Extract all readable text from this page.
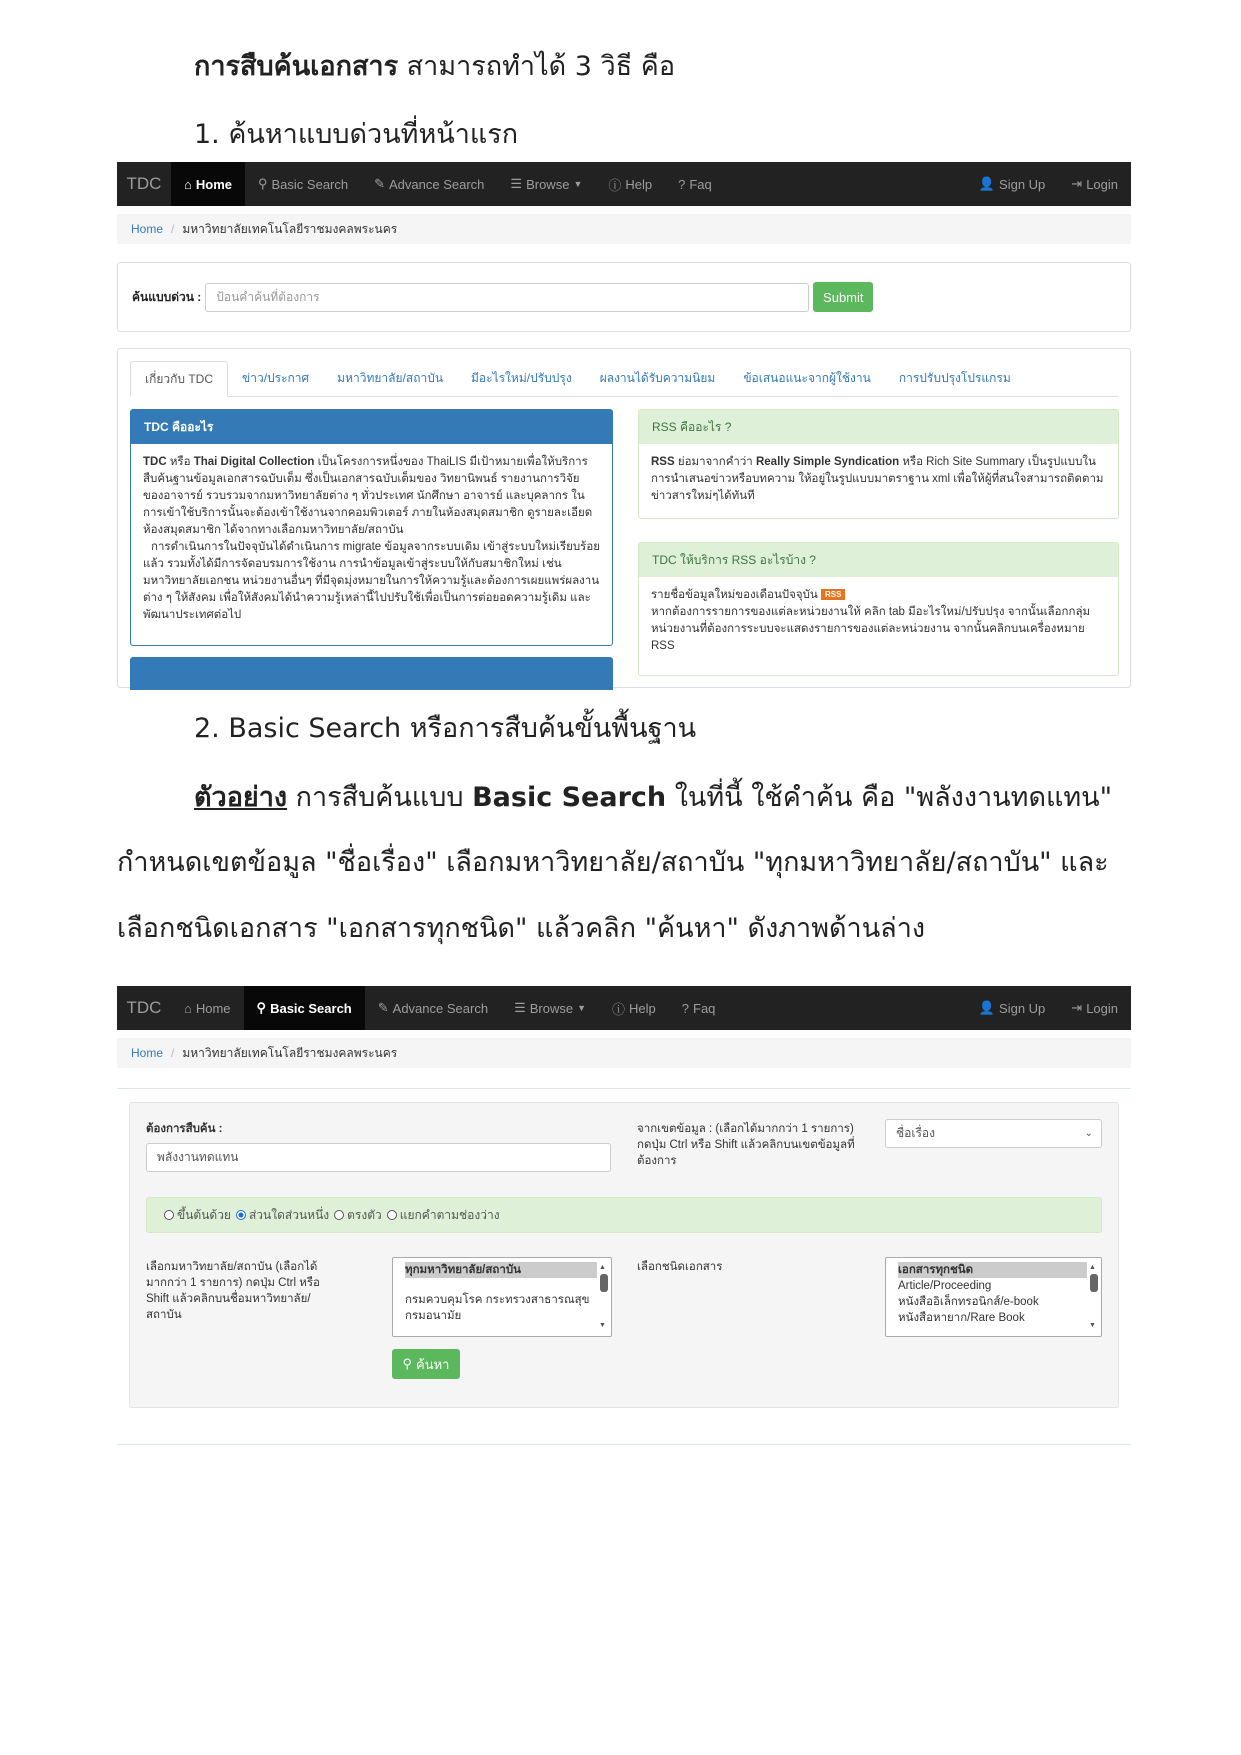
การสืบค้นเอกสาร สามารถทำได้ 3 วิธี คือ
1. ค้นหาแบบด่วนที่หน้าแรก
TDC	⌂ Home ⚲ Basic Search ✎ Advance Search ☰ Browse ▼ ⓘ Help ? Faq	👤 Sign Up ⇥ Login
Home / มหาวิทยาลัยเทคโนโลยีราชมงคลพระนคร
ค้นแบบด่วน :	ป้อนคำค้นที่ต้องการ	Submit
เกี่ยวกับ TDC	ข่าว/ประกาศ	มหาวิทยาลัย/สถาบัน	มีอะไรใหม่/ปรับปรุง	ผลงานได้รับความนิยม	ข้อเสนอแนะจากผู้ใช้งาน	การปรับปรุงโปรแกรม
TDC คืออะไร

TDC หรือ Thai Digital Collection เป็นโครงการหนึ่งของ ThaiLIS มีเป้าหมายเพื่อให้บริการสืบค้นฐานข้อมูลเอกสารฉบับเต็ม ซึ่งเป็นเอกสารฉบับเต็มของ วิทยานิพนธ์ รายงานการวิจัย ของอาจารย์ รวบรวมจากมหาวิทยาลัยต่าง ๆ ทั่วประเทศ นักศึกษา อาจารย์ และบุคลากร ในการเข้าใช้บริการนั้นจะต้องเข้าใช้งานจากคอมพิวเตอร์ ภายในห้องสมุดสมาชิก ดูรายละเอียดห้องสมุดสมาชิก ได้จากทางเลือกมหาวิทยาลัย/สถาบัน

การดำเนินการในปัจจุบันได้ดำเนินการ migrate ข้อมูลจากระบบเดิม เข้าสู่ระบบใหม่เรียบร้อยแล้ว รวมทั้งได้มีการจัดอบรมการใช้งาน การนำข้อมูลเข้าสู่ระบบให้กับสมาชิกใหม่ เช่น มหาวิทยาลัยเอกชน หน่วยงานอื่นๆ ที่มีจุดมุ่งหมายในการให้ความรู้และต้องการเผยแพร่ผลงานต่าง ๆ ให้สังคม เพื่อให้สังคมได้นำความรู้เหล่านี้ไปปรับใช้เพื่อเป็นการต่อยอดความรู้เดิม และพัฒนาประเทศต่อไป

RSS คืออะไร ?
RSS ย่อมาจากคำว่า Really Simple Syndication หรือ Rich Site Summary เป็นรูปแบบในการนำเสนอข่าวหรือบทความ ให้อยู่ในรูปแบบมาตราฐาน xml เพื่อให้ผู้ที่สนใจสามารถติดตามข่าวสารใหม่ๆได้ทันที
TDC ให้บริการ RSS อะไรบ้าง ?
รายชื่อข้อมูลใหม่ของเดือนปัจจุบัน RSS
หากต้องการรายการของแต่ละหน่วยงานให้ คลิก tab มีอะไรใหม่/ปรับปรุง จากนั้นเลือกกลุ่มหน่วยงานที่ต้องการระบบจะแสดงรายการของแต่ละหน่วยงาน จากนั้นคลิกบนเครื่องหมาย RSS
2. Basic Search หรือการสืบค้นขั้นพื้นฐาน
ตัวอย่าง การสืบค้นแบบ Basic Search ในที่นี้ ใช้คำค้น คือ "พลังงานทดแทน"
กำหนดเขตข้อมูล "ชื่อเรื่อง" เลือกมหาวิทยาลัย/สถาบัน "ทุกมหาวิทยาลัย/สถาบัน" และ
เลือกชนิดเอกสาร "เอกสารทุกชนิด" แล้วคลิก "ค้นหา" ดังภาพด้านล่าง
TDC	⌂ Home ⚲ Basic Search ✎ Advance Search ☰ Browse ▼ ⓘ Help ? Faq	👤 Sign Up ⇥ Login
Home / มหาวิทยาลัยเทคโนโลยีราชมงคลพระนคร
ต้องการสืบค้น :
พลังงานทดแทน
จากเขตข้อมูล : (เลือกได้มากกว่า 1 รายการ) กดปุ่ม Ctrl หรือ Shift แล้วคลิกบนเขตข้อมูลที่ต้องการ
ชื่อเรื่อง	⌄
ขึ้นต้นด้วย ส่วนใดส่วนหนึ่ง ตรงตัว แยกคำตามช่องว่าง
เลือกมหาวิทยาลัย/สถาบัน (เลือกได้มากกว่า 1 รายการ) กดปุ่ม Ctrl หรือ Shift แล้วคลิกบนชื่อมหาวิทยาลัย/สถาบัน
ทุกมหาวิทยาลัย/สถาบัน
กรมควบคุมโรค กระทรวงสาธารณสุข
กรมอนามัย
▲
▼
เลือกชนิดเอกสาร	เอกสารทุกชนิด
Article/Proceeding
หนังสืออิเล็กทรอนิกส์/e-book
หนังสือหายาก/Rare Book
▲
▼
⚲ ค้นหา
